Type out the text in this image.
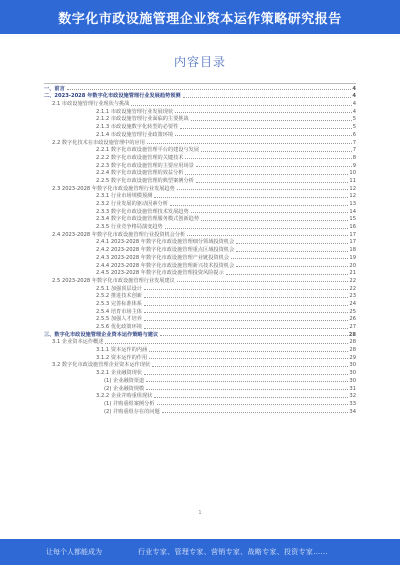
数字化市政设施管理企业资本运作策略研究报告
内容目录
一、前言	4
二、2023-2028 年数字化市政设施管理行业发展趋势预测	4
2.1 市政设施管理行业现状与挑战	4
2.1.1 市政设施管理行业发展现状	4
2.1.2 市政设施管理行业面临的主要挑战	5
2.1.3 市政设施数字化转型的必要性	5
2.1.4 市政设施管理行业政策环境	6
2.2 数字化技术在市政设施管理中的应用	7
2.2.1 数字化市政设施管理平台的建设与发展	7
2.2.2 数字化市政设施管理的关键技术	8
2.2.3 数字化市政设施管理的主要应用场景	9
2.2.4 数字化市政设施管理的效益分析	10
2.2.5 数字化市政设施管理的典型案例分析	11
2.3 2023-2028 年数字化市政设施管理行业发展趋势	12
2.3.1 行业市场规模预测	12
2.3.2 行业发展的驱动因素分析	13
2.3.3 数字化市政设施管理技术发展趋势	14
2.3.4 数字化市政设施管理服务模式创新趋势	15
2.3.5 行业竞争格局演变趋势	16
2.4 2023-2028 年数字化市政设施管理行业投资机会分析	17
2.4.1 2023-2028 年数字化市政设施管理细分领域投资机会	17
2.4.2 2023-2028 年数字化市政设施管理重点区域投资机会	18
2.4.3 2023-2028 年数字化市政设施管理产业链投资机会	19
2.4.4 2023-2028 年数字化市政设施管理新兴技术投资机会	20
2.4.5 2023-2028 年数字化市政设施管理投资风险提示	21
2.5 2023-2028 年数字化市政设施管理行业发展建议	22
2.5.1 加强顶层设计	22
2.5.2 推进技术创新	23
2.5.3 完善标准体系	24
2.5.4 培育市场主体	25
2.5.5 加强人才培养	26
2.5.6 优化政策环境	27
三、数字化市政设施管理企业资本运作策略与建议	28
3.1 企业资本运作概述	28
3.1.1 资本运作的内涵	28
3.1.2 资本运作的作用	29
3.2 数字化市政设施管理企业资本运作现状	30
3.2.1 企业融资现状	30
(1) 企业融资渠道	30
(2) 企业融资规模	31
3.2.2 企业并购重组现状	32
(1) 并购重组案例分析	33
(2) 并购重组存在的问题	34
1
让每个人都能成为	行业专家、管理专家、营销专家、战略专家、投资专家……
